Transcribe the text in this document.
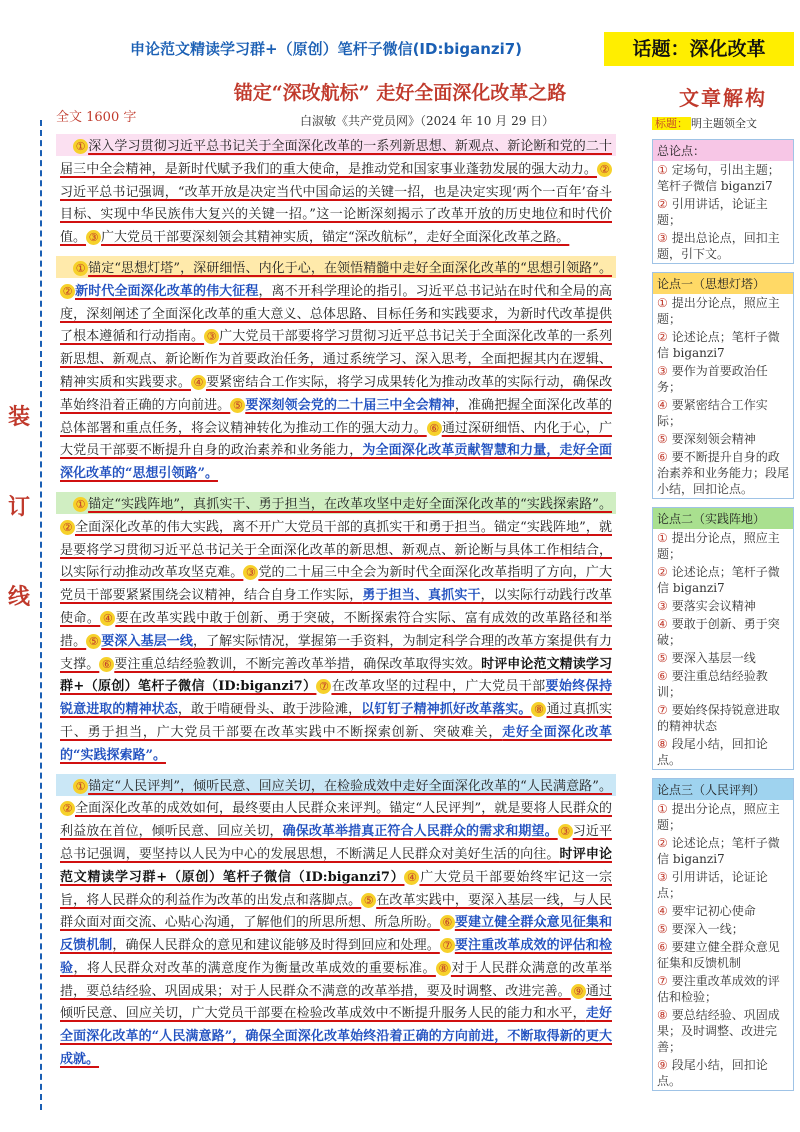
申论范文精读学习群+（原创）笔杆子微信(ID:biganzi7)	话题：深化改革
锚定“深改航标” 走好全面深化改革之路
全文 1600 字	白淑敏《共产党员网》（2024 年 10 月 29 日）
装
订
线
　① 深入学习贯彻习近平总书记关于全面深化改革的一系列新思想、新观点、新论断和党的二十届三中全会精神，是新时代赋予我们的重大使命，是推动党和国家事业蓬勃发展的强大动力。 ②习近平总书记强调，“改革开放是决定当代中国命运的关键一招，也是决定实现‘两个一百年’奋斗目标、实现中华民族伟大复兴的关键一招。”这一论断深刻揭示了改革开放的历史地位和时代价值。 ③ 广大党员干部要深刻领会其精神实质，锚定“深改航标”，走好全面深化改革之路。
　① 锚定“思想灯塔”，深研细悟、内化于心，在领悟精髓中走好全面深化改革的“思想引领路”。② 新时代全面深化改革的伟大征程，离不开科学理论的指引。习近平总书记站在时代和全局的高度，深刻阐述了全面深化改革的重大意义、总体思路、目标任务和实践要求，为新时代改革提供了根本遵循和行动指南。 ③ 广大党员干部要将学习贯彻习近平总书记关于全面深化改革的一系列新思想、新观点、新论断作为首要政治任务，通过系统学习、深入思考，全面把握其内在逻辑、精神实质和实践要求。 ④ 要紧密结合工作实际，将学习成果转化为推动改革的实际行动，确保改革始终沿着正确的方向前进。 ⑤ 要深刻领会党的二十届三中全会精神，准确把握全面深化改革的总体部署和重点任务，将会议精神转化为推动工作的强大动力。 ⑥ 通过深研细悟、内化于心，广大党员干部要不断提升自身的政治素养和业务能力，为全面深化改革贡献智慧和力量，走好全面深化改革的“思想引领路”。
　① 锚定“实践阵地”，真抓实干、勇于担当，在改革攻坚中走好全面深化改革的“实践探索路”。② 全面深化改革的伟大实践，离不开广大党员干部的真抓实干和勇于担当。锚定“实践阵地”，就是要将学习贯彻习近平总书记关于全面深化改革的新思想、新观点、新论断与具体工作相结合，以实际行动推动改革攻坚克难。 ③ 党的二十届三中全会为新时代全面深化改革指明了方向，广大党员干部要紧紧围绕会议精神，结合自身工作实际，勇于担当、真抓实干，以实际行动践行改革使命。 ④ 要在改革实践中敢于创新、勇于突破，不断探索符合实际、富有成效的改革路径和举措。 ⑤ 要深入基层一线，了解实际情况，掌握第一手资料，为制定科学合理的改革方案提供有力支撑。 ⑥ 要注重总结经验教训，不断完善改革举措，确保改革取得实效。时评申论范文精读学习群+（原创）笔杆子微信（ID:biganzi7） ⑦ 在改革攻坚的过程中，广大党员干部要始终保持锐意进取的精神状态，敢于啃硬骨头、敢于涉险滩，以钉钉子精神抓好改革落实。 ⑧ 通过真抓实干、勇于担当，广大党员干部要在改革实践中不断探索创新、突破难关，走好全面深化改革的“实践探索路”。
　① 锚定“人民评判”，倾听民意、回应关切，在检验成效中走好全面深化改革的“人民满意路”。② 全面深化改革的成效如何，最终要由人民群众来评判。锚定“人民评判”，就是要将人民群众的利益放在首位，倾听民意、回应关切，确保改革举措真正符合人民群众的需求和期望。 ③ 习近平总书记强调，要坚持以人民为中心的发展思想，不断满足人民群众对美好生活的向往。时评申论范文精读学习群+（原创）笔杆子微信（ID:biganzi7） ④ 广大党员干部要始终牢记这一宗旨，将人民群众的利益作为改革的出发点和落脚点。 ⑤ 在改革实践中，要深入基层一线，与人民群众面对面交流、心贴心沟通，了解他们的所思所想、所急所盼。 ⑥ 要建立健全群众意见征集和反馈机制，确保人民群众的意见和建议能够及时得到回应和处理。 ⑦ 要注重改革成效的评估和检验，将人民群众对改革的满意度作为衡量改革成效的重要标准。 ⑧ 对于人民群众满意的改革举措，要总结经验、巩固成果；对于人民群众不满意的改革举措，要及时调整、改进完善。 ⑨ 通过倾听民意、回应关切，广大党员干部要在检验改革成效中不断提升服务人民的能力和水平，走好全面深化改革的“人民满意路”，确保全面深化改革始终沿着正确的方向前进，不断取得新的更大成就。
文章解构
标题： 明主题领全文
总论点：
① 定场句，引出主题；笔杆子微信 biganzi7
② 引用讲话，论证主题；
③ 提出总论点，回扣主题，引下文。
论点一（思想灯塔）
① 提出分论点，照应主题；
② 论述论点；笔杆子微信 biganzi7
③ 要作为首要政治任务；
④ 要紧密结合工作实际；
⑤ 要深刻领会精神
⑥ 要不断提升自身的政治素养和业务能力；段尾小结，回扣论点。
论点二（实践阵地）
① 提出分论点，照应主题；
② 论述论点；笔杆子微信 biganzi7
③ 要落实会议精神
④ 要敢于创新、勇于突破；
⑤ 要深入基层一线
⑥ 要注重总结经验教训；
⑦ 要始终保持锐意进取的精神状态
⑧ 段尾小结，回扣论点。
论点三（人民评判）
① 提出分论点，照应主题；
② 论述论点；笔杆子微信 biganzi7
③ 引用讲话，论证论点；
④ 要牢记初心使命
⑤ 要深入一线；
⑥ 要建立健全群众意见征集和反馈机制
⑦ 要注重改革成效的评估和检验；
⑧ 要总结经验、巩固成果；及时调整、改进完善；
⑨ 段尾小结，回扣论点。
